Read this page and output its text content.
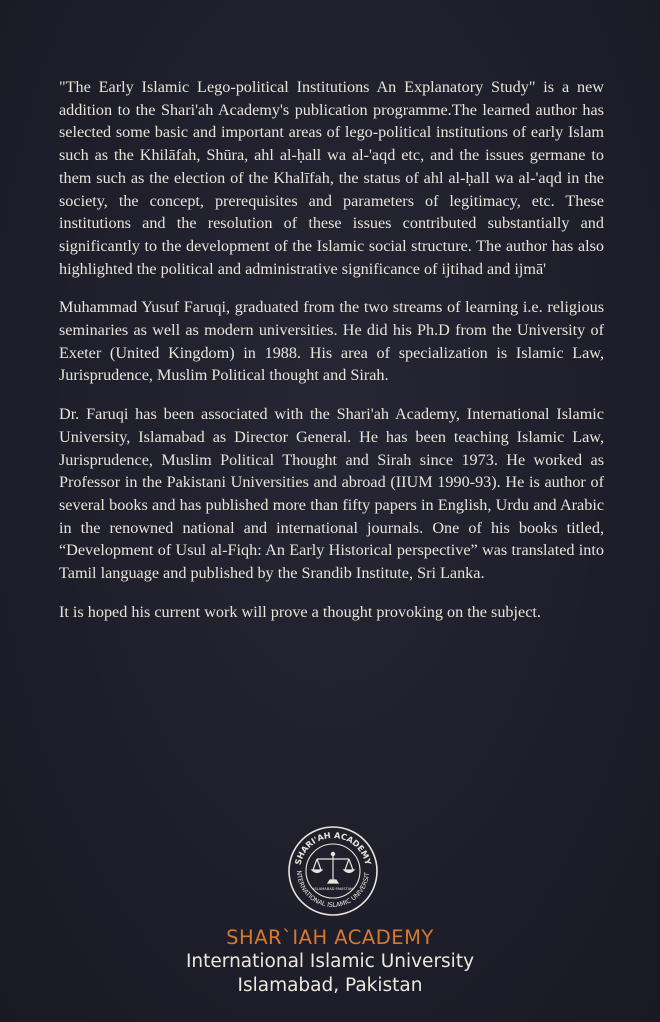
"The Early Islamic Lego-political Institutions An Explanatory Study" is a new addition to the Shari'ah Academy's publication programme.The learned author has selected some basic and important areas of lego-political institutions of early Islam such as the Khilāfah, Shūra, ahl al-ḥall wa al-'aqd etc, and the issues germane to them such as the election of the Khalīfah, the status of ahl al-ḥall wa al-'aqd in the society, the concept, prerequisites and parameters of legitimacy, etc. These institutions and the resolution of these issues contributed substantially and significantly to the development of the Islamic social structure. The author has also highlighted the political and administrative significance of ijtihad and ijmā'

Muhammad Yusuf Faruqi, graduated from the two streams of learning i.e. religious seminaries as well as modern universities. He did his Ph.D from the University of Exeter (United Kingdom) in 1988. His area of specialization is Islamic Law, Jurisprudence, Muslim Political thought and Sirah.

Dr. Faruqi has been associated with the Shari'ah Academy, International Islamic University, Islamabad as Director General. He has been teaching Islamic Law, Jurisprudence, Muslim Political Thought and Sirah since 1973. He worked as Professor in the Pakistani Universities and abroad (IIUM 1990-93). He is author of several books and has published more than fifty papers in English, Urdu and Arabic in the renowned national and international journals. One of his books titled, “Development of Usul al-Fiqh: An Early Historical perspective” was translated into Tamil language and published by the Srandib Institute, Sri Lanka.

It is hoped his current work will prove a thought provoking on the subject.

SHARI'AH ACADEMY
NTERNATIONAL ISLAMIC UNIVERSIT
ISLAMABAD PAKISTAN
SHAR`IAH ACADEMY
International Islamic University
Islamabad, Pakistan
